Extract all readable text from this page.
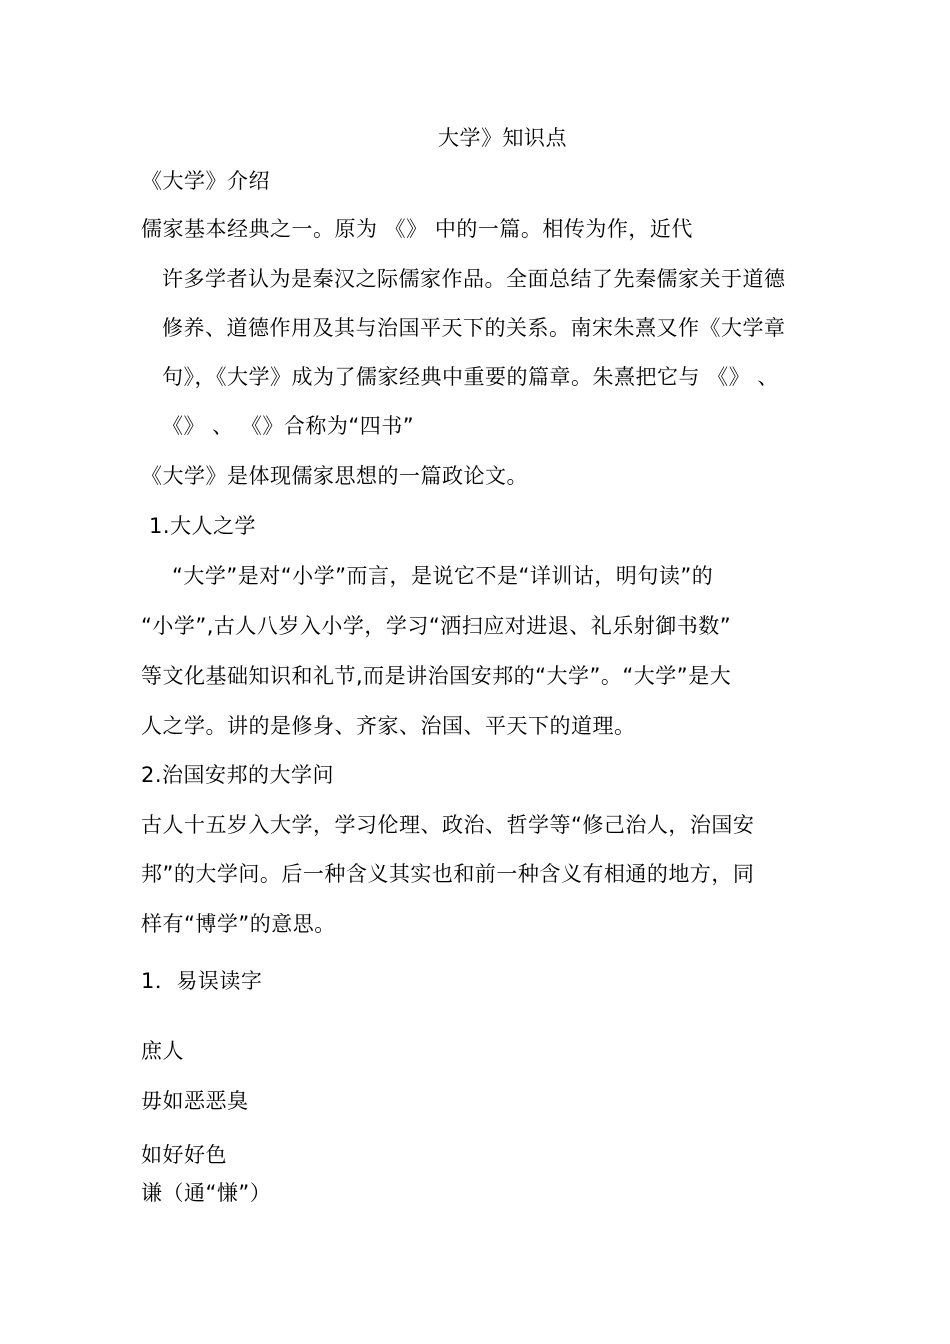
大学》知识点
《大学》介绍
儒家基本经典之一。原为 《》 中的一篇。相传为作，近代
许多学者认为是秦汉之际儒家作品。全面总结了先秦儒家关于道德
修养、道德作用及其与治国平天下的关系。南宋朱熹又作《大学章
句》，《大学》成为了儒家经典中重要的篇章。朱熹把它与 《》 、
《》 、 《》合称为“四书”
《大学》是体现儒家思想的一篇政论文。
1.大人之学
“大学”是对“小学”而言，是说它不是“详训诂，明句读”的
“小学”,古人八岁入小学，学习“洒扫应对进退、礼乐射御书数”
等文化基础知识和礼节,而是讲治国安邦的“大学”。“大学”是大
人之学。讲的是修身、齐家、治国、平天下的道理。
2.治国安邦的大学问
古人十五岁入大学，学习伦理、政治、哲学等“修己治人，治国安
邦”的大学问。后一种含义其实也和前一种含义有相通的地方，同
样有“博学”的意思。
1．易误读字
庶人
毋如恶恶臭
如好好色
谦（通“慊”）
